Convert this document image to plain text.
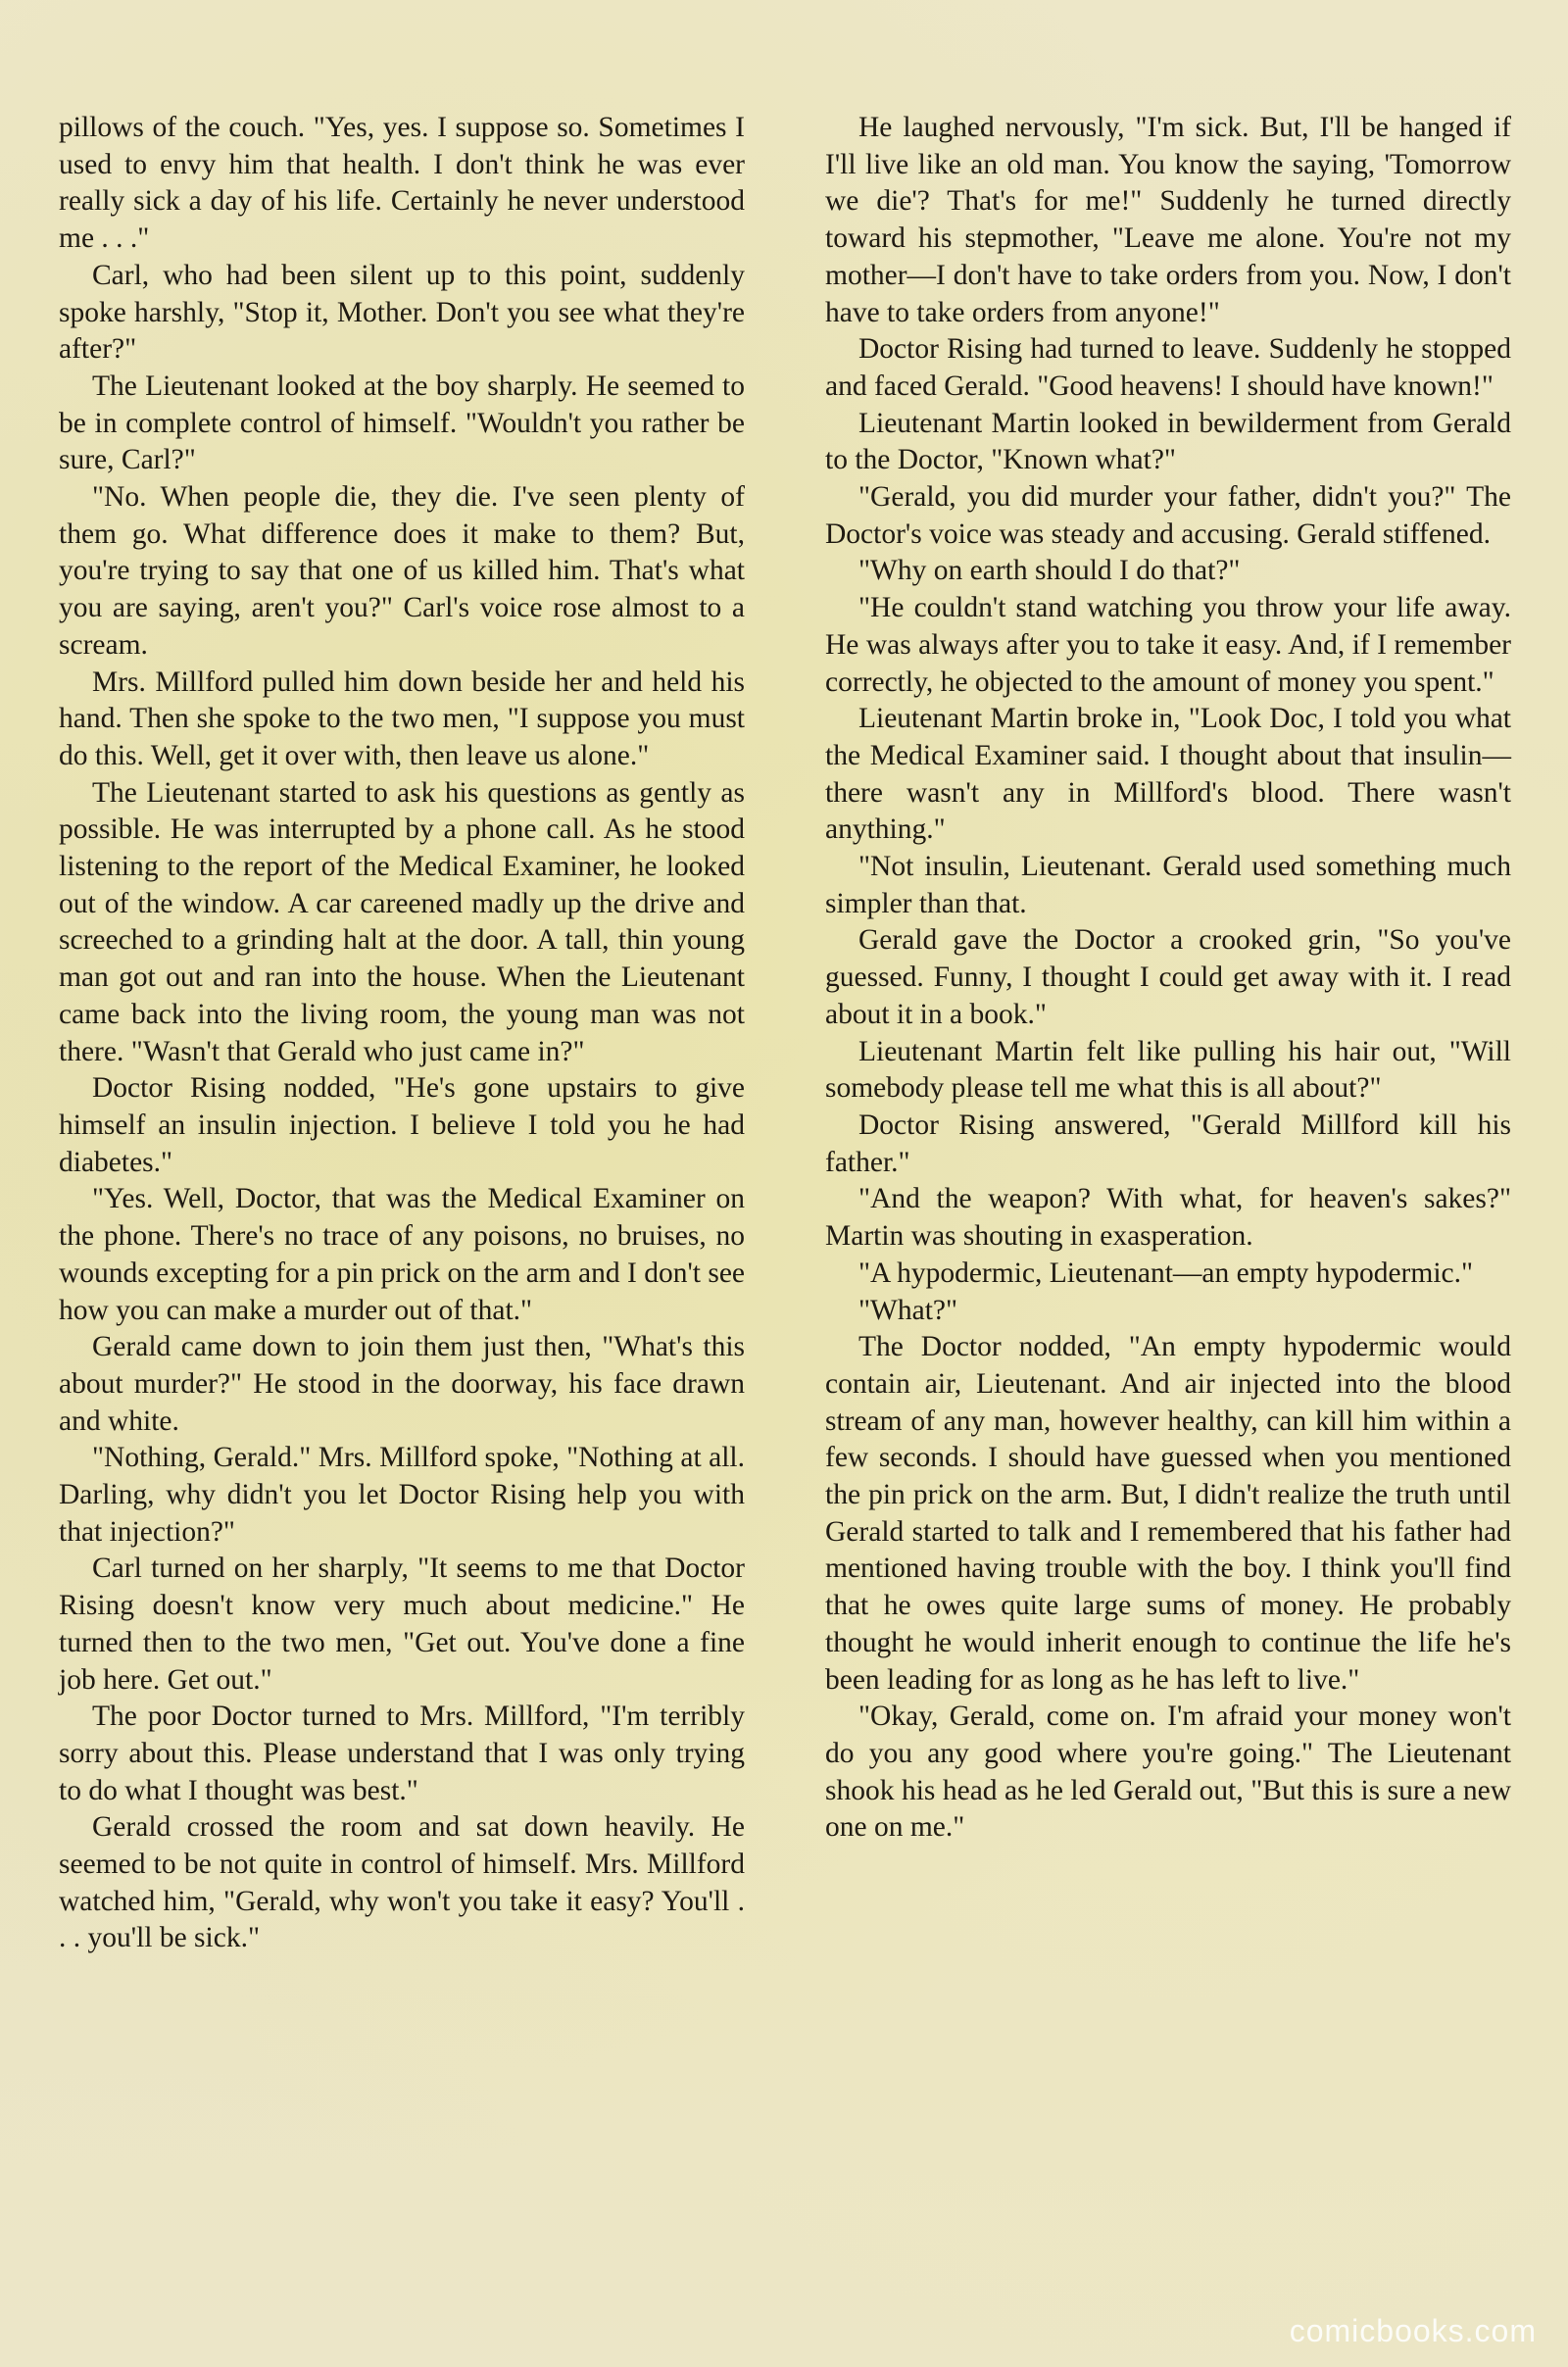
pillows of the couch. "Yes, yes. I suppose so. Sometimes I used to envy him that health. I don't think he was ever really sick a day of his life. Certainly he never understood me . . ."

Carl, who had been silent up to this point, suddenly spoke harshly, "Stop it, Mother. Don't you see what they're after?"

The Lieutenant looked at the boy sharply. He seemed to be in complete control of himself. "Wouldn't you rather be sure, Carl?"

"No. When people die, they die. I've seen plenty of them go. What difference does it make to them? But, you're trying to say that one of us killed him. That's what you are saying, aren't you?" Carl's voice rose almost to a scream.

Mrs. Millford pulled him down beside her and held his hand. Then she spoke to the two men, "I suppose you must do this. Well, get it over with, then leave us alone."

The Lieutenant started to ask his questions as gently as possible. He was interrupted by a phone call. As he stood listening to the report of the Medical Examiner, he looked out of the window. A car careened madly up the drive and screeched to a grinding halt at the door. A tall, thin young man got out and ran into the house. When the Lieutenant came back into the living room, the young man was not there. "Wasn't that Gerald who just came in?"

Doctor Rising nodded, "He's gone upstairs to give himself an insulin injection. I believe I told you he had diabetes."

"Yes. Well, Doctor, that was the Medical Examiner on the phone. There's no trace of any poisons, no bruises, no wounds excepting for a pin prick on the arm and I don't see how you can make a murder out of that."

Gerald came down to join them just then, "What's this about murder?" He stood in the doorway, his face drawn and white.

"Nothing, Gerald." Mrs. Millford spoke, "Nothing at all. Darling, why didn't you let Doctor Rising help you with that injection?"

Carl turned on her sharply, "It seems to me that Doctor Rising doesn't know very much about medicine." He turned then to the two men, "Get out. You've done a fine job here. Get out."

The poor Doctor turned to Mrs. Millford, "I'm terribly sorry about this. Please understand that I was only trying to do what I thought was best."

Gerald crossed the room and sat down heavily. He seemed to be not quite in control of himself. Mrs. Millford watched him, "Gerald, why won't you take it easy? You'll . . . you'll be sick."

He laughed nervously, "I'm sick. But, I'll be hanged if I'll live like an old man. You know the saying, 'Tomorrow we die'? That's for me!" Suddenly he turned directly toward his stepmother, "Leave me alone. You're not my mother—I don't have to take orders from you. Now, I don't have to take orders from anyone!"

Doctor Rising had turned to leave. Suddenly he stopped and faced Gerald. "Good heavens! I should have known!"

Lieutenant Martin looked in bewilderment from Gerald to the Doctor, "Known what?"

"Gerald, you did murder your father, didn't you?" The Doctor's voice was steady and accusing. Gerald stiffened.

"Why on earth should I do that?"

"He couldn't stand watching you throw your life away. He was always after you to take it easy. And, if I remember correctly, he objected to the amount of money you spent."

Lieutenant Martin broke in, "Look Doc, I told you what the Medical Examiner said. I thought about that insulin—there wasn't any in Millford's blood. There wasn't anything."

"Not insulin, Lieutenant. Gerald used something much simpler than that.

Gerald gave the Doctor a crooked grin, "So you've guessed. Funny, I thought I could get away with it. I read about it in a book."

Lieutenant Martin felt like pulling his hair out, "Will somebody please tell me what this is all about?"

Doctor Rising answered, "Gerald Millford kill his father."

"And the weapon? With what, for heaven's sakes?" Martin was shouting in exasperation.

"A hypodermic, Lieutenant—an empty hypodermic."

"What?"

The Doctor nodded, "An empty hypodermic would contain air, Lieutenant. And air injected into the blood stream of any man, however healthy, can kill him within a few seconds. I should have guessed when you mentioned the pin prick on the arm. But, I didn't realize the truth until Gerald started to talk and I remembered that his father had mentioned having trouble with the boy. I think you'll find that he owes quite large sums of money. He probably thought he would inherit enough to continue the life he's been leading for as long as he has left to live."

"Okay, Gerald, come on. I'm afraid your money won't do you any good where you're going." The Lieutenant shook his head as he led Gerald out, "But this is sure a new one on me."

comicbooks.com
